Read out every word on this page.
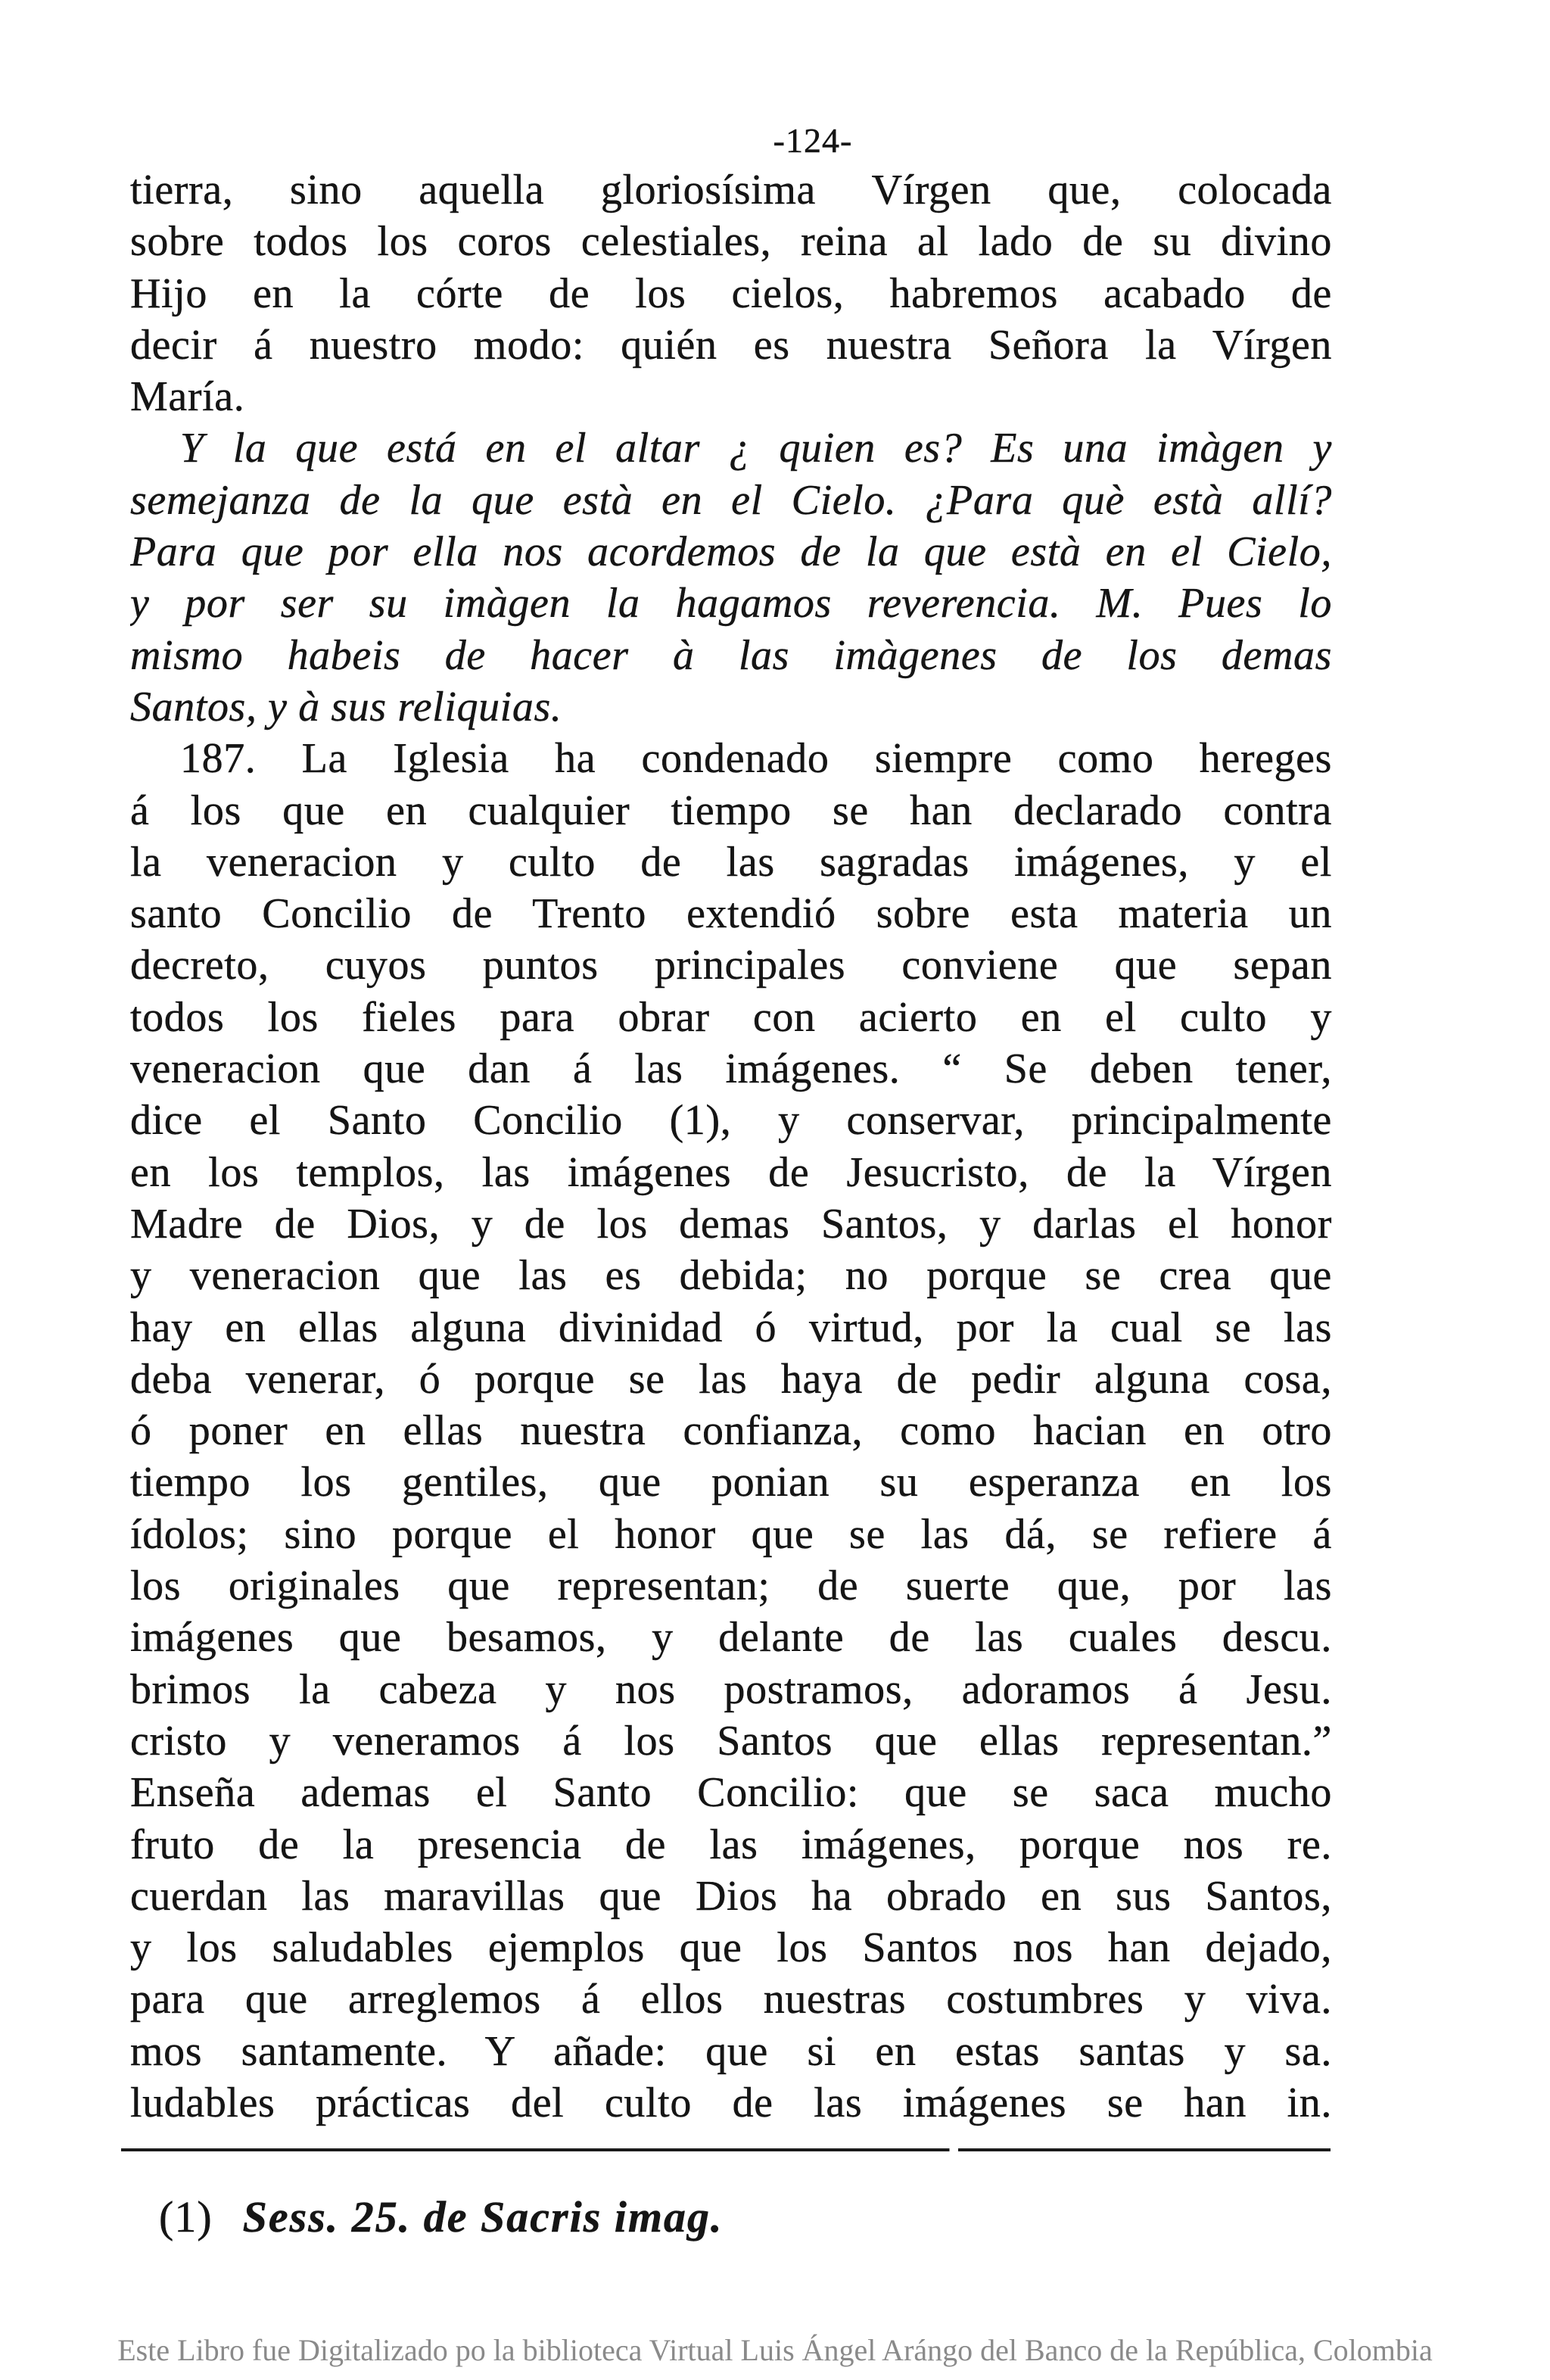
-124-
tierra, sino aquella gloriosísima Vírgen que, colocada
sobre todos los coros celestiales, reina al lado de su divino
Hijo en la córte de los cielos, habremos acabado de
decir á nuestro modo: quién es nuestra Señora la Vírgen
María.
Y la que está en el altar ¿ quien es? Es una imàgen y
semejanza de la que està en el Cielo. ¿Para què està allí?
Para que por ella nos acordemos de la que està en el Cielo,
y por ser su imàgen la hagamos reverencia. M. Pues lo
mismo habeis de hacer à las imàgenes de los demas
Santos, y à sus reliquias.
187. La Iglesia ha condenado siempre como hereges
á los que en cualquier tiempo se han declarado contra
la veneracion y culto de las sagradas imágenes, y el
santo Concilio de Trento extendió sobre esta materia un
decreto, cuyos puntos principales conviene que sepan
todos los fieles para obrar con acierto en el culto y
veneracion que dan á las imágenes. “ Se deben tener,
dice el Santo Concilio (1), y conservar, principalmente
en los templos, las imágenes de Jesucristo, de la Vírgen
Madre de Dios, y de los demas Santos, y darlas el honor
y veneracion que las es debida; no porque se crea que
hay en ellas alguna divinidad ó virtud, por la cual se las
deba venerar, ó porque se las haya de pedir alguna cosa,
ó poner en ellas nuestra confianza, como hacian en otro
tiempo los gentiles, que ponian su esperanza en los
ídolos; sino porque el honor que se las dá, se refiere á
los originales que representan; de suerte que, por las
imágenes que besamos, y delante de las cuales descu.
brimos la cabeza y nos postramos, adoramos á Jesu.
cristo y veneramos á los Santos que ellas representan.”
Enseña ademas el Santo Concilio: que se saca mucho
fruto de la presencia de las imágenes, porque nos re.
cuerdan las maravillas que Dios ha obrado en sus Santos,
y los saludables ejemplos que los Santos nos han dejado,
para que arreglemos á ellos nuestras costumbres y viva.
mos santamente. Y añade: que si en estas santas y sa.
ludables prácticas del culto de las imágenes se han in.
(1) Sess. 25. de Sacris imag.
Este Libro fue Digitalizado po la biblioteca Virtual Luis Ángel Arángo del Banco de la República, Colombia
